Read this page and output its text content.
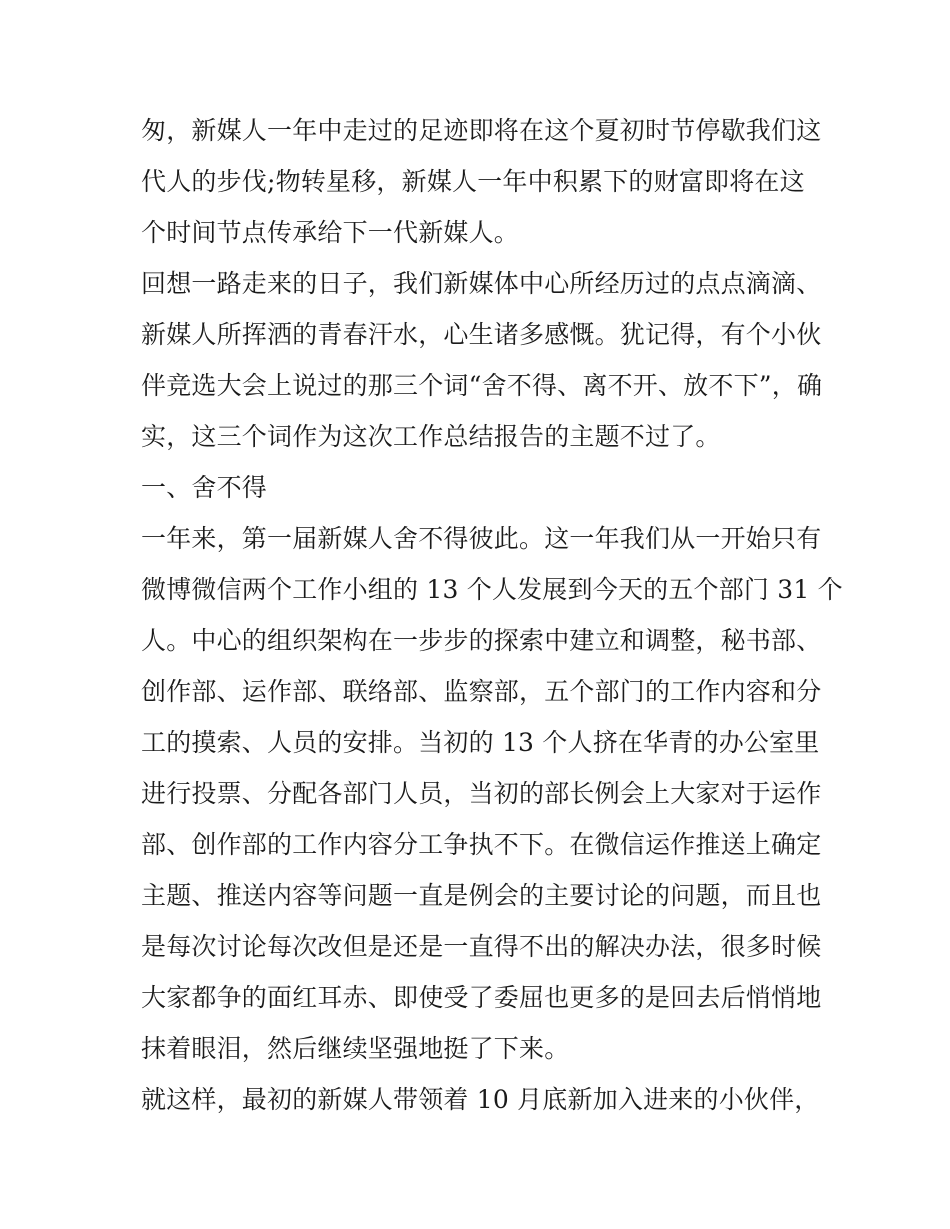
匆，新媒人一年中走过的足迹即将在这个夏初时节停歇我们这
代人的步伐;物转星移，新媒人一年中积累下的财富即将在这
个时间节点传承给下一代新媒人。
回想一路走来的日子，我们新媒体中心所经历过的点点滴滴、
新媒人所挥洒的青春汗水，心生诸多感慨。犹记得，有个小伙
伴竞选大会上说过的那三个词“舍不得、离不开、放不下”，确
实，这三个词作为这次工作总结报告的主题不过了。
一、舍不得
一年来，第一届新媒人舍不得彼此。这一年我们从一开始只有
微博微信两个工作小组的 13 个人发展到今天的五个部门 31 个
人。中心的组织架构在一步步的探索中建立和调整，秘书部、
创作部、运作部、联络部、监察部，五个部门的工作内容和分
工的摸索、人员的安排。当初的 13 个人挤在华青的办公室里
进行投票、分配各部门人员，当初的部长例会上大家对于运作
部、创作部的工作内容分工争执不下。在微信运作推送上确定
主题、推送内容等问题一直是例会的主要讨论的问题，而且也
是每次讨论每次改但是还是一直得不出的解决办法，很多时候
大家都争的面红耳赤、即使受了委屈也更多的是回去后悄悄地
抹着眼泪，然后继续坚强地挺了下来。
就这样，最初的新媒人带领着 10 月底新加入进来的小伙伴，
